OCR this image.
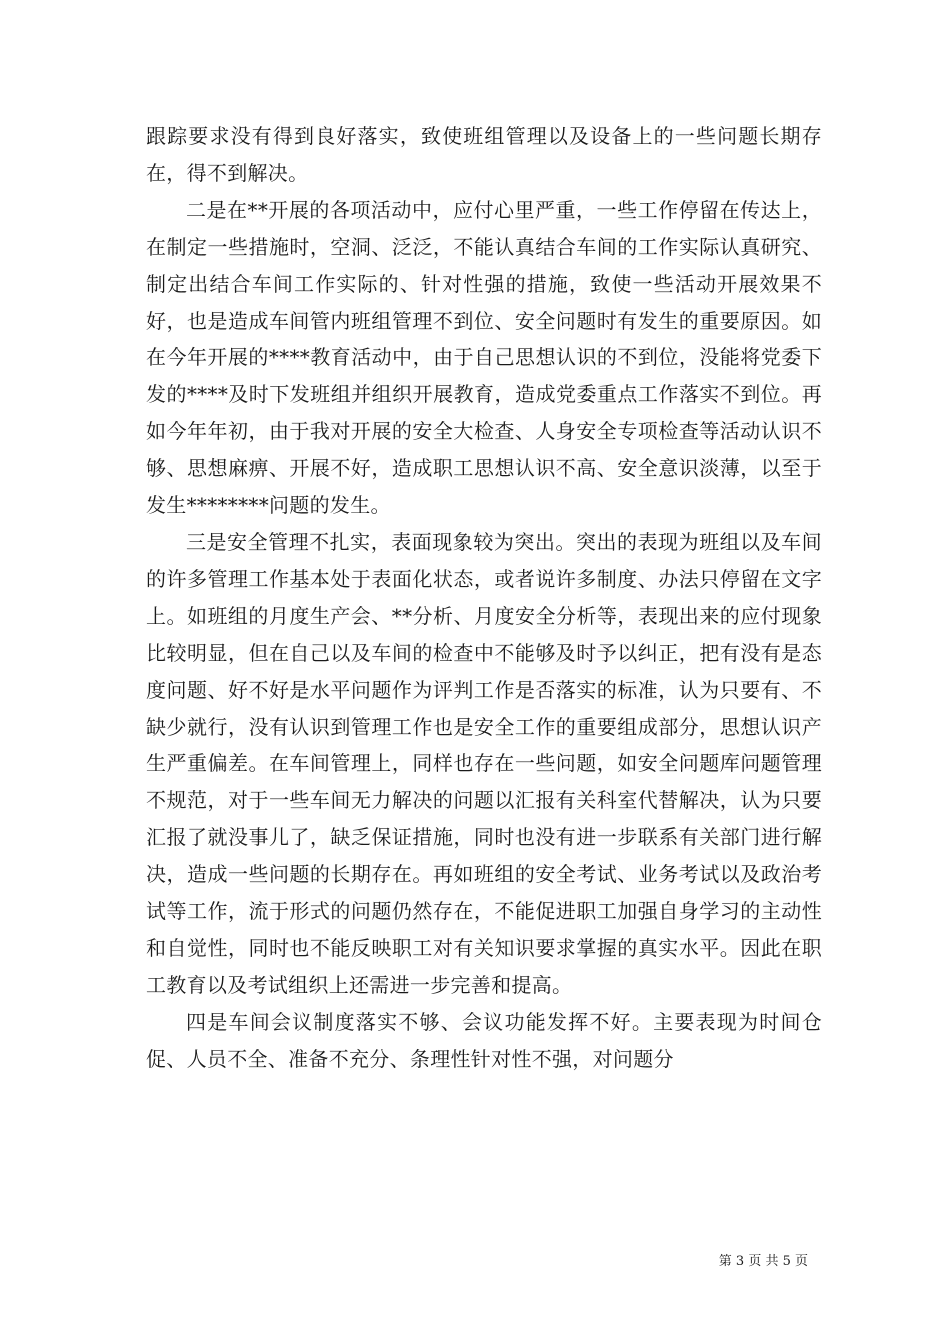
跟踪要求没有得到良好落实，致使班组管理以及设备上的一些问题长期存在，得不到解决。

二是在**开展的各项活动中，应付心里严重，一些工作停留在传达上，在制定一些措施时，空洞、泛泛，不能认真结合车间的工作实际认真研究、制定出结合车间工作实际的、针对性强的措施，致使一些活动开展效果不好，也是造成车间管内班组管理不到位、安全问题时有发生的重要原因。如在今年开展的****教育活动中，由于自己思想认识的不到位，没能将党委下发的****及时下发班组并组织开展教育，造成党委重点工作落实不到位。再如今年年初，由于我对开展的安全大检查、人身安全专项检查等活动认识不够、思想麻痹、开展不好，造成职工思想认识不高、安全意识淡薄，以至于发生********问题的发生。

三是安全管理不扎实，表面现象较为突出。突出的表现为班组以及车间的许多管理工作基本处于表面化状态，或者说许多制度、办法只停留在文字上。如班组的月度生产会、**分析、月度安全分析等，表现出来的应付现象比较明显，但在自己以及车间的检查中不能够及时予以纠正，把有没有是态度问题、好不好是水平问题作为评判工作是否落实的标准，认为只要有、不缺少就行，没有认识到管理工作也是安全工作的重要组成部分，思想认识产生严重偏差。在车间管理上，同样也存在一些问题，如安全问题库问题管理不规范，对于一些车间无力解决的问题以汇报有关科室代替解决，认为只要汇报了就没事儿了，缺乏保证措施，同时也没有进一步联系有关部门进行解决，造成一些问题的长期存在。再如班组的安全考试、业务考试以及政治考试等工作，流于形式的问题仍然存在，不能促进职工加强自身学习的主动性和自觉性，同时也不能反映职工对有关知识要求掌握的真实水平。因此在职工教育以及考试组织上还需进一步完善和提高。

四是车间会议制度落实不够、会议功能发挥不好。主要表现为时间仓促、人员不全、准备不充分、条理性针对性不强，对问题分

第 3 页 共 5 页
